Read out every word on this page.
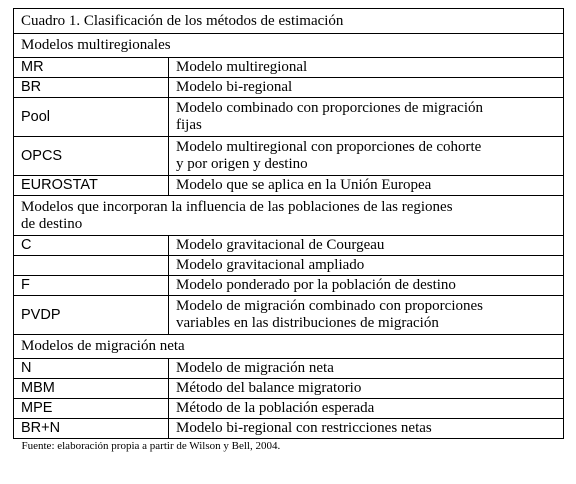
Cuadro 1. Clasificación de los métodos de estimación	
Modelos multiregionales	
MR	Modelo multiregional
BR	Modelo bi-regional
Pool	Modelo combinado con proporciones de migración
fijas
OPCS	Modelo multiregional con proporciones de cohorte
y por origen y destino
EUROSTAT	Modelo que se aplica en la Unión Europea
Modelos que incorporan la influencia de las poblaciones de las regiones
de destino	
C	Modelo gravitacional de Courgeau
	Modelo gravitacional ampliado
F	Modelo ponderado por la población de destino
PVDP	Modelo de migración combinado con proporciones
variables en las distribuciones de migración
Modelos de migración neta	
N	Modelo de migración neta
MBM	Método del balance migratorio
MPE	Método de la población esperada
BR+N	Modelo bi-regional con restricciones netas
Fuente: elaboración propia a partir de Wilson y Bell, 2004.	
